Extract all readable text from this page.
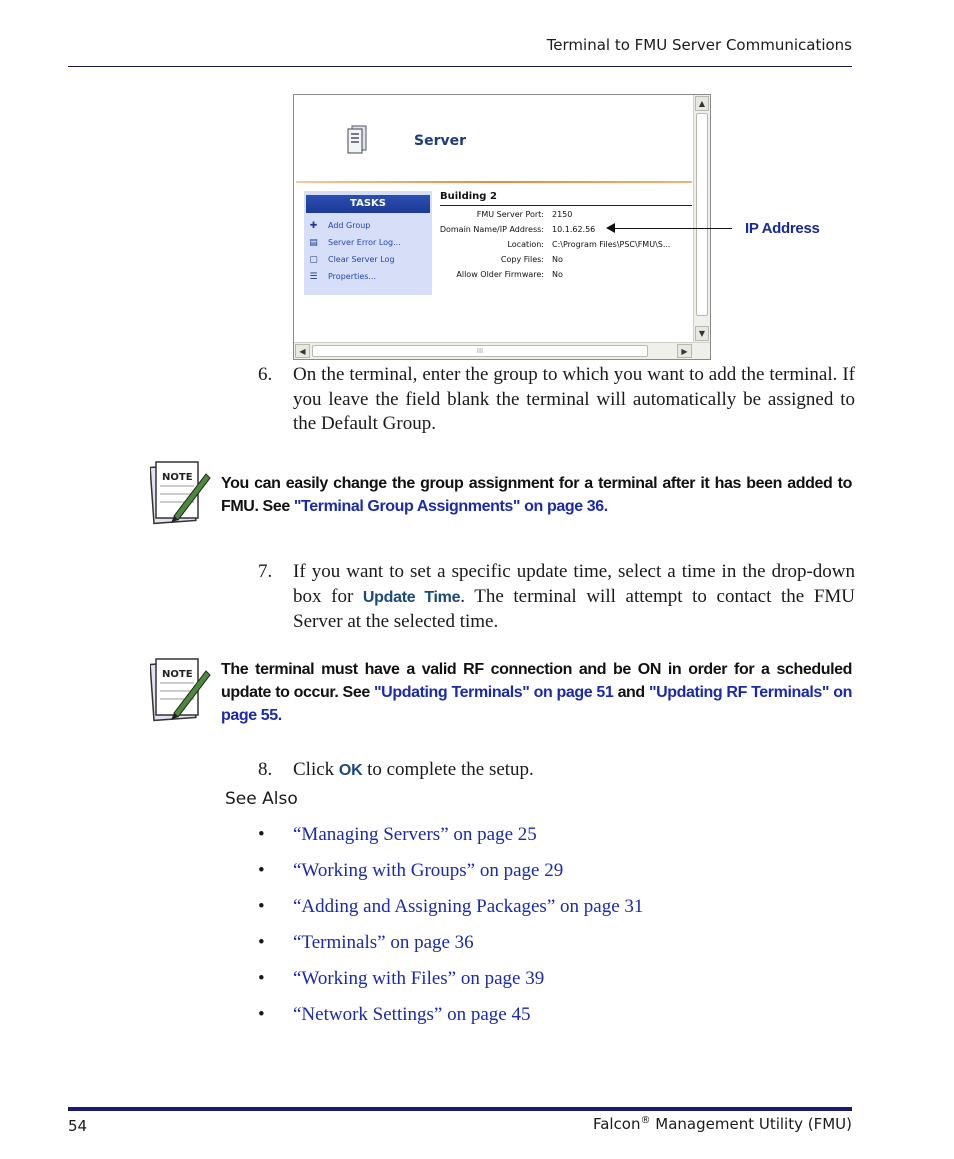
Terminal to FMU Server Communications
Server
TASKS
✚ Add Group
▤ Server Error Log...
▢ Clear Server Log
☰ Properties...
Building 2
FMU Server Port: 2150
Domain Name/IP Address: 10.1.62.56
Location: C:\Program Files\PSC\FMU\S...
Copy Files: No
Allow Older Firmware: No
▲
▼
◀	III	▶
IP Address
6. On the terminal, enter the group to which you want to add the terminal. If you leave the field blank the terminal will automatically be assigned to the Default Group.
NOTE You can easily change the group assignment for a terminal after it has been added to FMU. See "Terminal Group Assignments" on page 36.
7. If you want to set a specific update time, select a time in the drop-down box for Update Time. The terminal will attempt to contact the FMU Server at the selected time.
NOTE The terminal must have a valid RF connection and be ON in order for a scheduled update to occur. See "Updating Terminals" on page 51 and "Updating RF Terminals" on page 55.
8. Click OK to complete the setup.
See Also
• “Managing Servers” on page 25
• “Working with Groups” on page 29
• “Adding and Assigning Packages” on page 31
• “Terminals” on page 36
• “Working with Files” on page 39
• “Network Settings” on page 45
54	Falcon® Management Utility (FMU)
